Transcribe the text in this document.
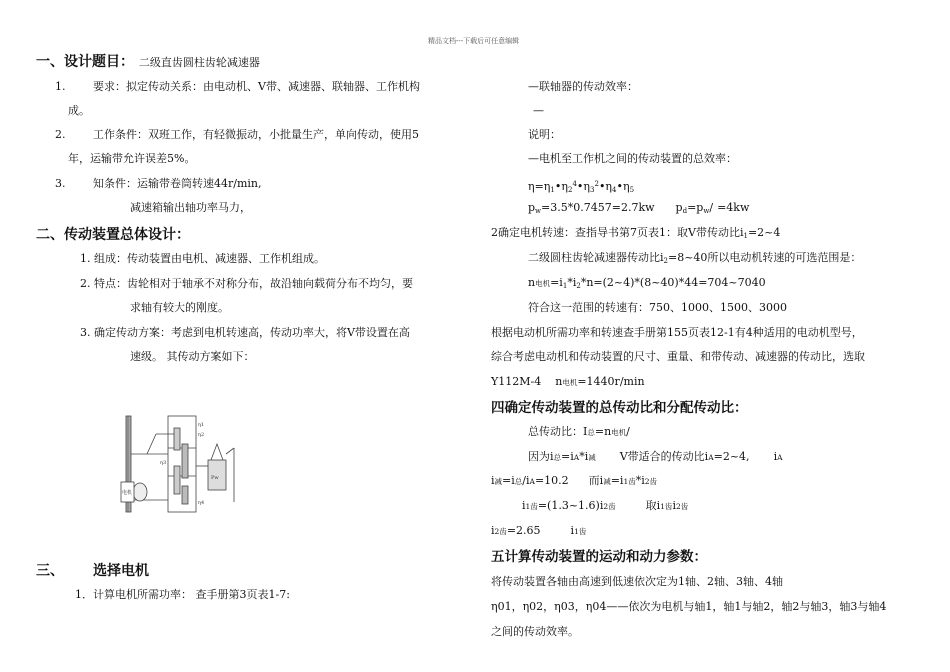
精品文档---下载后可任意编辑
一、设计题目： 二级直齿圆柱齿轮减速器
1.	要求：拟定传动关系：由电动机、V带、减速器、联轴器、工作机构
成。
2.	工作条件：双班工作，有轻微振动，小批量生产，单向传动，使用5
年，运输带允许误差5%。
3.	知条件：运输带卷筒转速44r/min,
减速箱输出轴功率马力，
二、传动装置总体设计：
1. 组成：传动装置由电机、减速器、工作机组成。
2. 特点：齿轮相对于轴承不对称分布，故沿轴向载荷分布不均匀，要
求轴有较大的刚度。
3. 确定传动方案：考虑到电机转速高，传动功率大，将V带设置在高
速级。 其传动方案如下：
η1
η2
η3
η4
Pw
电机
三、 选择电机
1．计算电机所需功率： 查手册第3页表1-7:
—联轴器的传动效率：
—
说明：
—电机至工作机之间的传动装置的总效率：
$\eta=\eta_1•\eta_2^4•\eta_3^2•\eta_4•\eta_5$
$p_w=3.5*0.7457=2.7kw$ $p_d=p_w/ =4kw$
2确定电机转速：查指导书第7页表1：取V带传动比$i_1=2\sim 4$
二级圆柱齿轮减速器传动比$i_2=8\sim 40$所以电动机转速的可选范围是：
n电机$=i_1*i_2*n=(2\sim 4)*(8\sim 40)*44=704\sim 7040$
符合这一范围的转速有：750、1000、1500、3000
根据电动机所需功率和转速查手册第155页表12-1有4种适用的电动机型号，
综合考虑电动机和传动装置的尺寸、重量、和带传动、减速器的传动比，选取
Y112M-4 n电机=1440r/min
四确定传动装置的总传动比和分配传动比：
总传动比：I总=n电机/
因为i总=iA*i减 V带适合的传动比iA=2~4, iA
i减=i总/iA=10.2 而i减=i1齿*i2齿
i1齿=(1.3~1.6)i2齿	取i1齿i2齿
i2齿=2.65	i1齿
五计算传动装置的运动和动力参数：
将传动装置各轴由高速到低速依次定为1轴、2轴、3轴、4轴
η01，η02，η03，η04——依次为电机与轴1，轴1与轴2，轴2与轴3，轴3与轴4
之间的传动效率。
